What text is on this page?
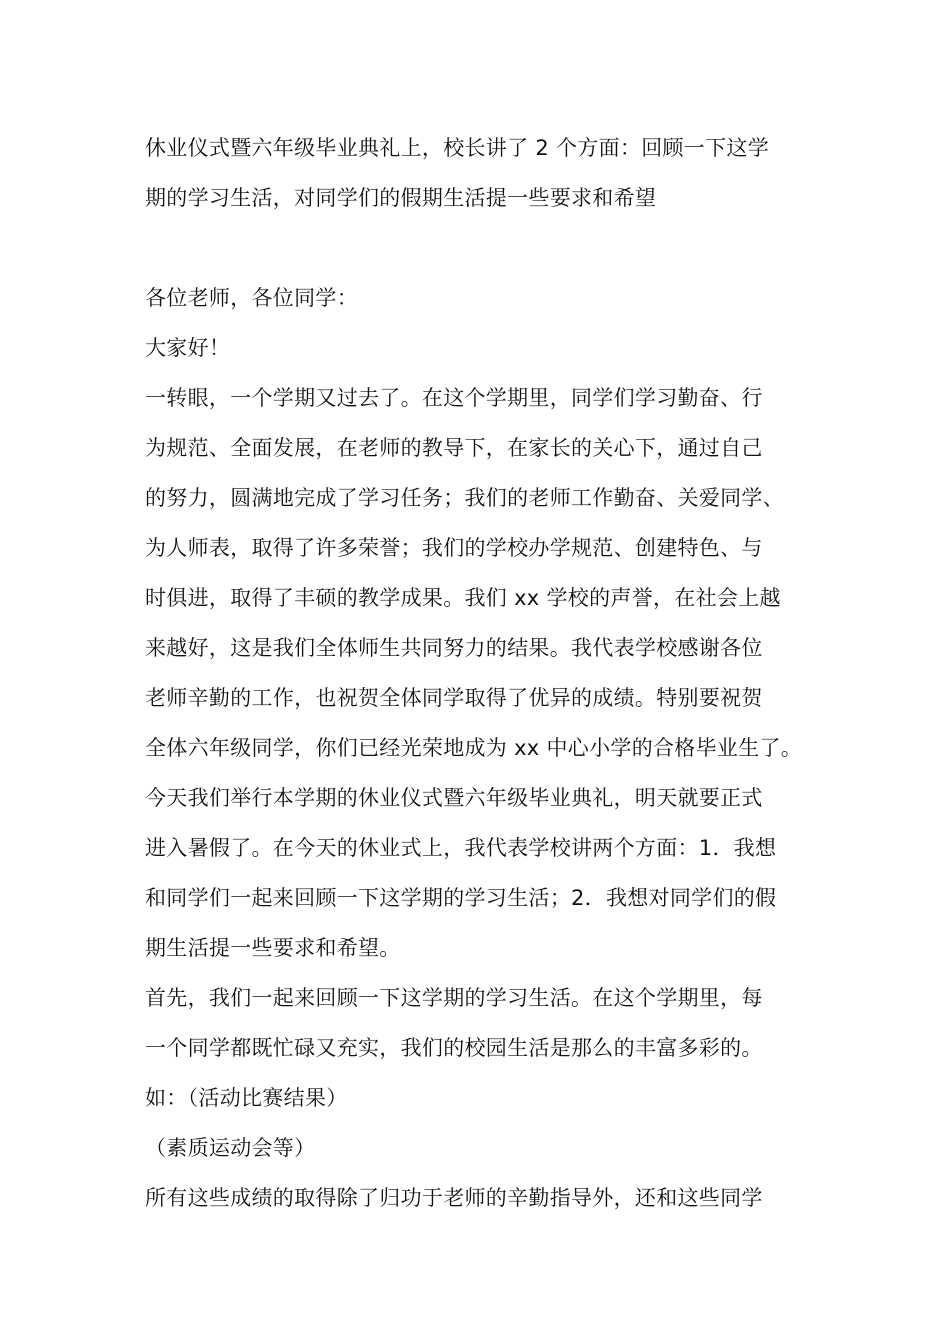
休业仪式暨六年级毕业典礼上，校长讲了 2 个方面：回顾一下这学
期的学习生活，对同学们的假期生活提一些要求和希望
各位老师，各位同学：
大家好！
一转眼，一个学期又过去了。在这个学期里，同学们学习勤奋、行
为规范、全面发展，在老师的教导下，在家长的关心下，通过自己
的努力，圆满地完成了学习任务；我们的老师工作勤奋、关爱同学、
为人师表，取得了许多荣誉；我们的学校办学规范、创建特色、与
时俱进，取得了丰硕的教学成果。我们 xx 学校的声誉，在社会上越
来越好，这是我们全体师生共同努力的结果。我代表学校感谢各位
老师辛勤的工作，也祝贺全体同学取得了优异的成绩。特别要祝贺
全体六年级同学，你们已经光荣地成为 xx 中心小学的合格毕业生了。
今天我们举行本学期的休业仪式暨六年级毕业典礼，明天就要正式
进入暑假了。在今天的休业式上，我代表学校讲两个方面：1．我想
和同学们一起来回顾一下这学期的学习生活；2．我想对同学们的假
期生活提一些要求和希望。
首先，我们一起来回顾一下这学期的学习生活。在这个学期里，每
一个同学都既忙碌又充实，我们的校园生活是那么的丰富多彩的。
如：（活动比赛结果）
（素质运动会等）
所有这些成绩的取得除了归功于老师的辛勤指导外，还和这些同学
